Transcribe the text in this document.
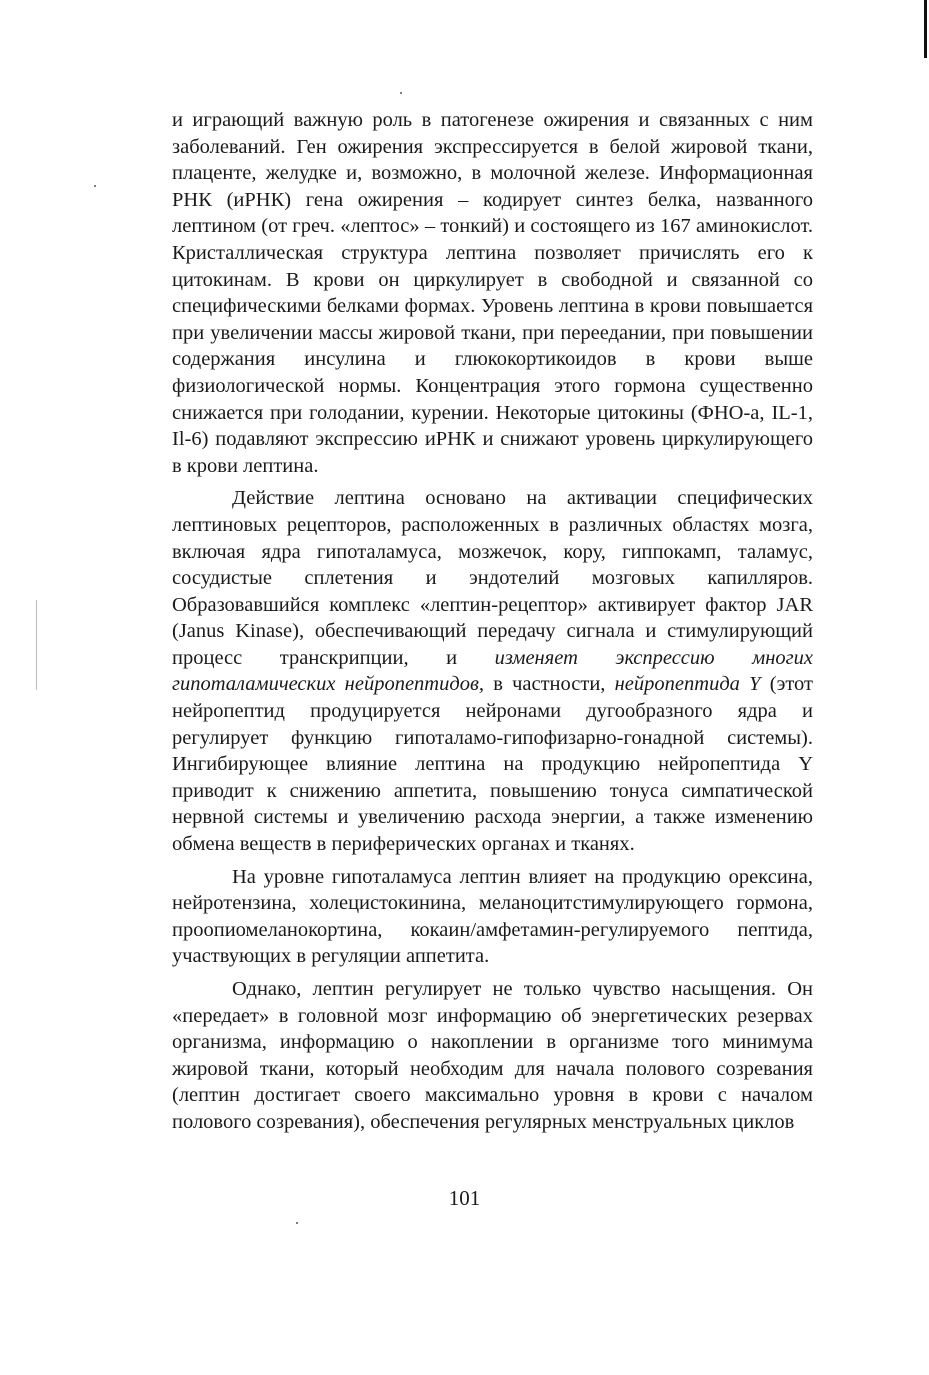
и играющий важную роль в патогенезе ожирения и связанных с ним заболеваний. Ген ожирения экспрессируется в белой жировой ткани, плаценте, желудке и, возможно, в молочной железе. Информационная РНК (иРНК) гена ожирения – кодирует синтез белка, названного лептином (от греч. «лептос» – тонкий) и состоящего из 167 аминокислот. Кристаллическая структура лептина позволяет причислять его к цитокинам. В крови он циркулирует в свободной и связанной со специфическими белками формах. Уровень лептина в крови повышается при увеличении массы жировой ткани, при переедании, при повышении содержания инсулина и глюкокортикоидов в крови выше физиологической нормы. Концентрация этого гормона существенно снижается при голодании, курении. Некоторые цитокины (ФНО-а, IL-1, Il-6) подавляют экспрессию иРНК и снижают уровень циркулирующего в крови лептина.

Действие лептина основано на активации специфических лептиновых рецепторов, расположенных в различных областях мозга, включая ядра гипоталамуса, мозжечок, кору, гиппокамп, таламус, сосудистые сплетения и эндотелий мозговых капилляров. Образовавшийся комплекс «лептин-рецептор» активирует фактор JAR (Janus Kinase), обеспечивающий передачу сигнала и стимулирующий процесс транскрипции, и изменяет экспрессию многих гипоталамических нейропептидов, в частности, нейропептида Y (этот нейропептид продуцируется нейронами дугообразного ядра и регулирует функцию гипоталамо-гипофизарно-гонадной системы). Ингибирующее влияние лептина на продукцию нейропептида Y приводит к снижению аппетита, повышению тонуса симпатической нервной системы и увеличению расхода энергии, а также изменению обмена веществ в периферических органах и тканях.

На уровне гипоталамуса лептин влияет на продукцию орексина, нейротензина, холецистокинина, меланоцитстимулирующего гормона, проопиомеланокортина, кокаин/амфетамин-регулируемого пептида, участвующих в регуляции аппетита.

Однако, лептин регулирует не только чувство насыщения. Он «передает» в головной мозг информацию об энергетических резервах организма, информацию о накоплении в организме того минимума жировой ткани, который необходим для начала полового созревания (лептин достигает своего максимально уровня в крови с началом полового созревания), обеспечения регулярных менструальных циклов

101
